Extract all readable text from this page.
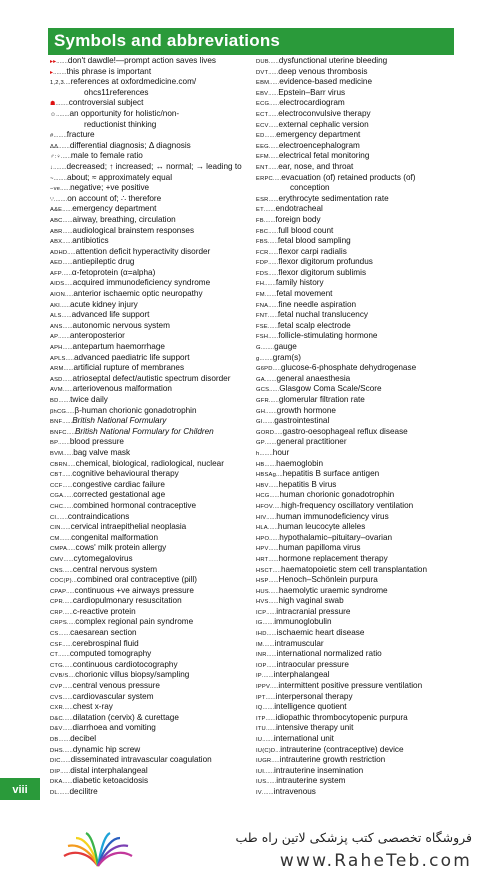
Symbols and abbreviations
▸▸.......don't dawdle!—prompt action saves lives
▸........this phrase is important
1,2,3....references at oxfordmedicine.com/
ohcs11references
☗........controversial subject
☺........an opportunity for holistic/non-
reductionist thinking
#........fracture
ΔΔ.......differential diagnosis; Δ diagnosis
♂:♀......male to female ratio
↓........decreased; ↑ increased; ↔ normal; → leading to
~........about; ≈ approximately equal
−ve......negative; +ve positive
∵........on account of; ∴ therefore
A&E......emergency department
ABC......airway, breathing, circulation
ABR......audiological brainstem responses
ABX......antibiotics
ADHD.....attention deficit hyperactivity disorder
AED......antiepileptic drug
AFP......α-fetoprotein (α=alpha)
AIDS.....acquired immunodeficiency syndrome
AION.....anterior ischaemic optic neuropathy
AKI......acute kidney injury
ALS......advanced life support
ANS......autonomic nervous system
AP.......anteroposterior
APH......antepartum haemorrhage
APLS.....advanced paediatric life support
ARM......artificial rupture of membranes
ASD......atrioseptal defect/autistic spectrum disorder
AVM......arteriovenous malformation
BD.......twice daily
βhCG.....β-human chorionic gonadotrophin
BNF......British National Formulary
BNFC.....British National Formulary for Children
BP.......blood pressure
BVM......bag valve mask
CBRN.....chemical, biological, radiological, nuclear
CBT......cognitive behavioural therapy
CCF......congestive cardiac failure
CGA......corrected gestational age
CHC......combined hormonal contraceptive
CI.......contraindications
CIN......cervical intraepithelial neoplasia
CM.......congenital malformation
CMPA.....cows' milk protein allergy
CMV......cytomegalovirus
CNS......central nervous system
COC(P)...combined oral contraceptive (pill)
CPAP.....continuous +ve airways pressure
CPR......cardiopulmonary resuscitation
CRP......c-reactive protein
CRPS.....complex regional pain syndrome
CS.......caesarean section
CSF......cerebrospinal fluid
CT.......computed tomography
CTG......continuous cardiotocography
CVB/S....chorionic villus biopsy/sampling
CVP......central venous pressure
CVS......cardiovascular system
CXR......chest x-ray
D&C......dilatation (cervix) & curettage
D&V......diarrhoea and vomiting
DB.......decibel
DHS......dynamic hip screw
DIC......disseminated intravascular coagulation
DIP......distal interphalangeal
DKA......diabetic ketoacidosis
DL.......decilitre
DUB......dysfunctional uterine bleeding
DVT......deep venous thrombosis
EBM......evidence-based medicine
EBV......Epstein–Barr virus
ECG......electrocardiogram
ECT......electroconvulsive therapy
ECV......external cephalic version
ED.......emergency department
EEG......electroencephalogram
EFM......electrical fetal monitoring
ENT......ear, nose, and throat
ERPC.....evacuation (of) retained products (of)
conception
ESR......erythrocyte sedimentation rate
ET.......endotracheal
FB.......foreign body
FBC......full blood count
FBS......fetal blood sampling
FCR......flexor carpi radialis
FDP......flexor digitorum profundus
FDS......flexor digitorum sublimis
FH.......family history
FM.......fetal movement
FNA......fine needle aspiration
FNT......fetal nuchal translucency
FSE......fetal scalp electrode
FSH......follicle-stimulating hormone
G........gauge
g........gram(s)
G6PD.....glucose-6-phosphate dehydrogenase
GA.......general anaesthesia
GCS......Glasgow Coma Scale/Score
GFR......glomerular filtration rate
GH.......growth hormone
GI.......gastrointestinal
GORD.....gastro-oesophageal reflux disease
GP.......general practitioner
h........hour
HB.......haemoglobin
HBSAg....hepatitis B surface antigen
HBV......hepatitis B virus
HCG......human chorionic gonadotrophin
HFOV.....high-frequency oscillatory ventilation
HIV......human immunodeficiency virus
HLA......human leucocyte alleles
HPO......hypothalamic–pituitary–ovarian
HPV......human papilloma virus
HRT......hormone replacement therapy
HSCT.....haematopoietic stem cell transplantation
HSP......Henoch–Schönlein purpura
HUS......haemolytic uraemic syndrome
HVS......high vaginal swab
ICP......intracranial pressure
IG.......immunoglobulin
IHD......ischaemic heart disease
IM.......intramuscular
INR......international normalized ratio
IOP......intraocular pressure
IP.......interphalangeal
IPPV.....intermittent positive pressure ventilation
IPT......interpersonal therapy
IQ.......intelligence quotient
ITP......idiopathic thrombocytopenic purpura
ITU......intensive therapy unit
IU.......international unit
IU(C)D...intrauterine (contraceptive) device
IUGR.....intrauterine growth restriction
IUI......intrauterine insemination
IUS......intrauterine system
IV.......intravenous
viii
فروشگاه تخصصی کتب پزشکی لاتین راه طب
www.RaheTeb.com
